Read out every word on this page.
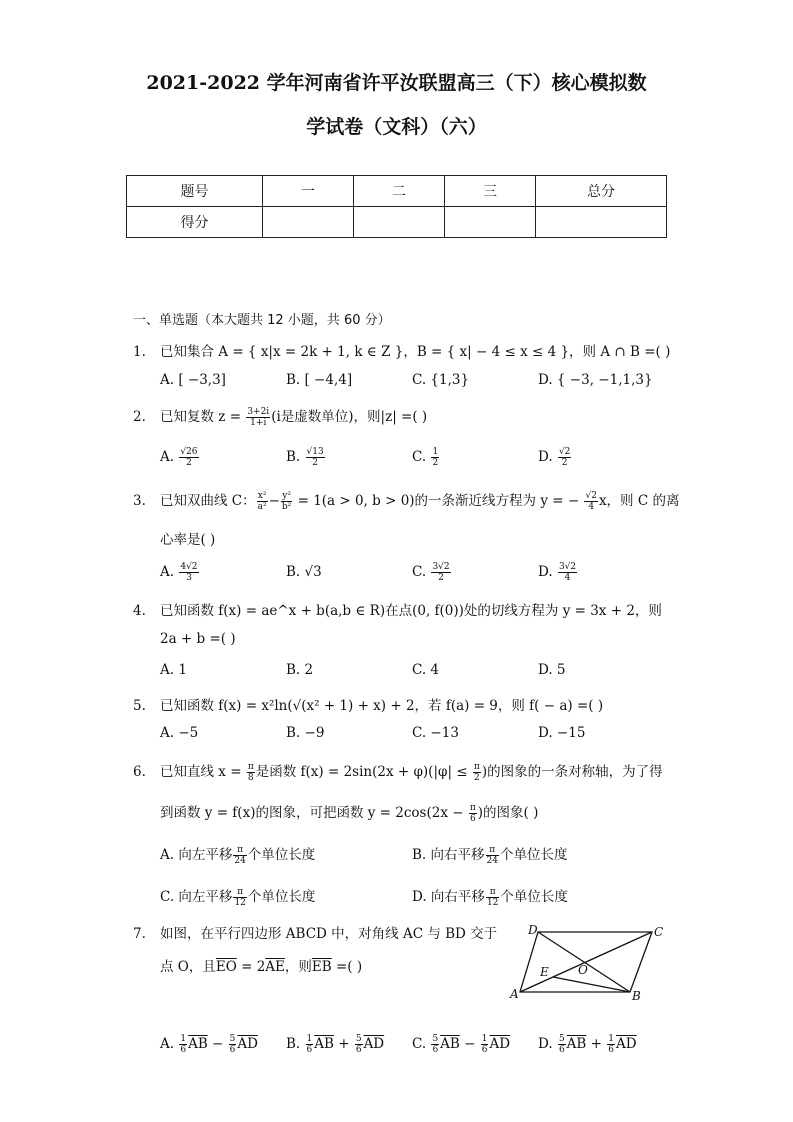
2021-2022 学年河南省许平汝联盟高三（下）核心模拟数
学试卷（文科）（六）
题号	一	二	三	总分
得分				
一、单选题（本大题共 12 小题，共 60 分）
1. 已知集合 A = { x|x = 2k + 1, k ∈ Z }，B = { x| − 4 ≤ x ≤ 4 }，则 A ∩ B =( )
A. [ −3,3]	B. [ −4,4]	C. {1,3}	D. { −3, −1,1,3}
2. 已知复数 $z = \frac{3+2i}{1+i} (i$是虚数单位)，则|z| =( )
A. $\frac{√26}{2}$	B. $\frac{√13}{2}$	C. $\frac{1}{2}$	D. $\frac{√2}{2}$
3. 已知双曲线 C： $\frac{\text{x²}}{\text{a²}} - \frac{\text{y²}}{\text{b²}} = 1(a > 0$, b > 0)的一条渐近线方程为 y = − $\frac{√2}{4}$ x，则 C 的离
心率是( )
A. $\frac{4√2}{3}$	B. √3	C. $\frac{3√2}{2}$	D. $\frac{3√2}{4}$
4. 已知函数 f(x) = ae^x + b(a,b ∈ R)在点(0, f(0))处的切线方程为 y = 3x + 2，则
2a + b =( )
A. 1	B. 2	C. 4	D. 5
5. 已知函数 f(x) = x²ln(√(x² + 1) + x) + 2，若 f(a) = 9，则 f( − a) =( )
A. −5	B. −9	C. −13	D. −15
6. 已知直线 $x = \frac{\pi}{8}$ 是函数 $f(x) = 2\sin(2x + \varphi)(|\varphi| \le \frac{\pi}{2}$ )的图象的一条对称轴，为了得
到函数 y = f(x)的图象，可把函数 $y = 2\cos(2x - \frac{\pi}{6}$ )的图象( )
A. 向左平移 $\frac{\pi}{24}$ 个单位长度	B. 向右平移 $\frac{\pi}{24}$ 个单位长度
C. 向左平移 $\frac{\pi}{12}$ 个单位长度	D. 向右平移 $\frac{\pi}{12}$ 个单位长度
7. 如图，在平行四边形 ABCD 中，对角线 AC 与 BD 交于
点 O，且$\overline{EO} = 2\overline{AE}$，则$\overline{EB}$ =( )
A	B
C
D
E O
A. $\frac{1}{6} \overline{AB} - \frac{5}{6} \overline{AD}$ B. $\frac{1}{6} \overline{AB} + \frac{5}{6} \overline{AD}$ C. $\frac{5}{6} \overline{AB} - \frac{1}{6} \overline{AD}$ D. $\frac{5}{6} \overline{AB} + \frac{1}{6} \overline{AD}$
